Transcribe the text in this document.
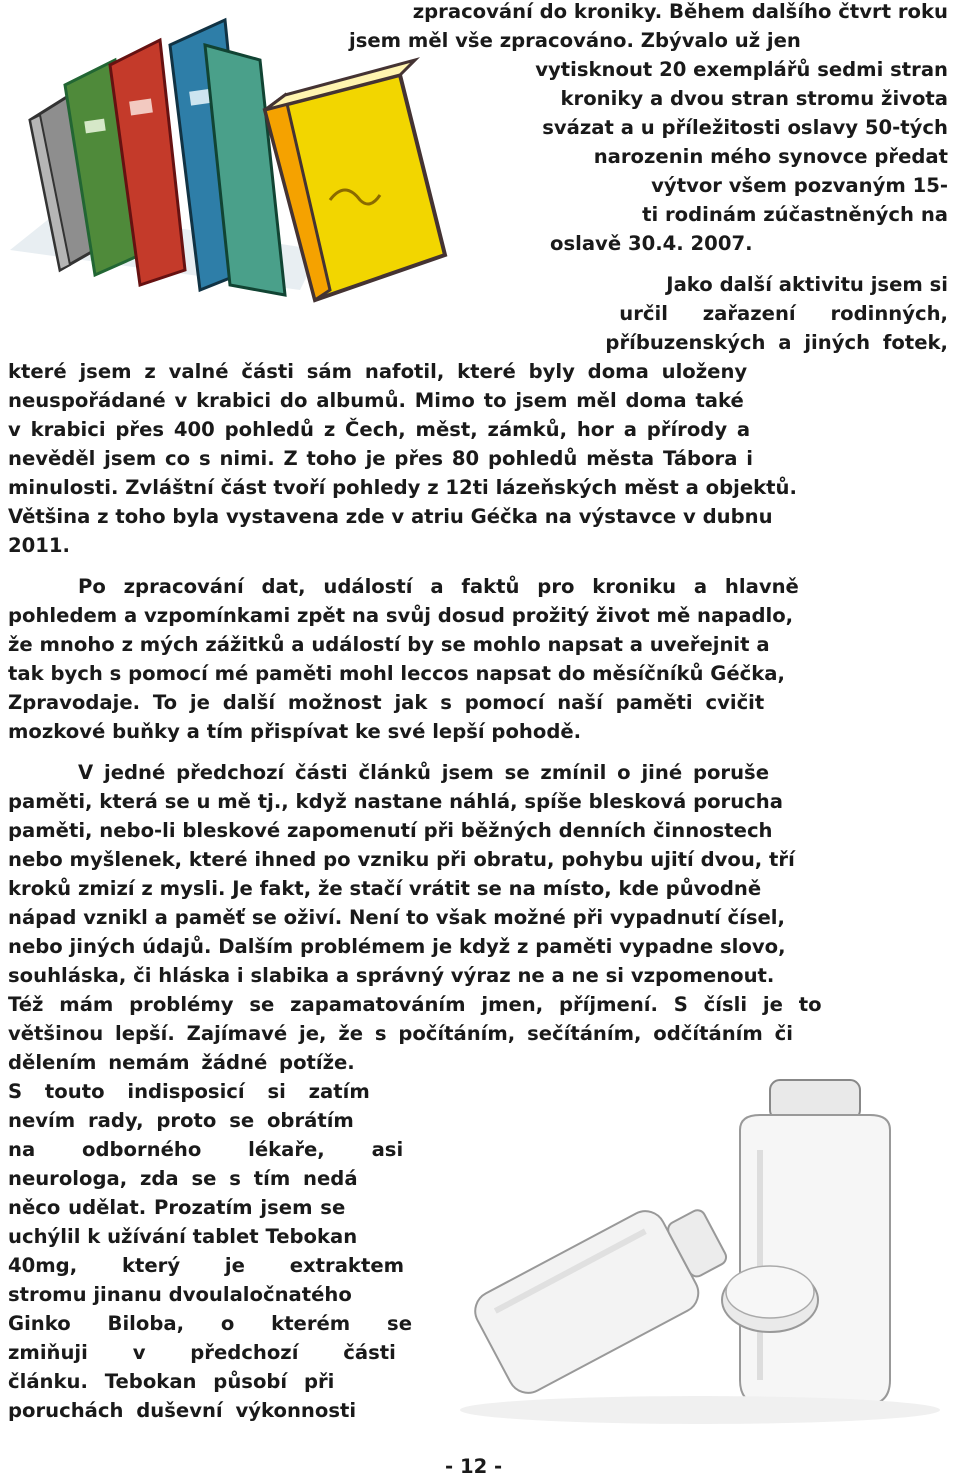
zpracování do kroniky. Během dalšího čtvrt roku
jsem měl vše zpracováno. Zbývalo už jen
vytisknout 20 exemplářů sedmi stran
kroniky a dvou stran stromu života
svázat a u příležitosti oslavy 50-tých
narozenin mého synovce předat
výtvor všem pozvaným 15-
ti rodinám zúčastněných na
oslavě 30.4. 2007.
Jako další aktivitu jsem si
určil zařazení rodinných,
příbuzenských a jiných fotek,
které jsem z valné části sám nafotil, které byly doma uloženy
neuspořádané v krabici do albumů. Mimo to jsem měl doma také
v krabici přes 400 pohledů z Čech, měst, zámků, hor a přírody a
nevěděl jsem co s nimi. Z toho je přes 80 pohledů města Tábora i
minulosti. Zvláštní část tvoří pohledy z 12ti lázeňských měst a objektů.
Většina z toho byla vystavena zde v atriu Géčka na výstavce v dubnu
2011.
Po zpracování dat, událostí a faktů pro kroniku a hlavně
pohledem a vzpomínkami zpět na svůj dosud prožitý život mě napadlo,
že mnoho z mých zážitků a událostí by se mohlo napsat a uveřejnit a
tak bych s pomocí mé paměti mohl leccos napsat do měsíčníků Géčka,
Zpravodaje. To je další možnost jak s pomocí naší paměti cvičit
mozkové buňky a tím přispívat ke své lepší pohodě.
V jedné předchozí části článků jsem se zmínil o jiné poruše
paměti, která se u mě tj., když nastane náhlá, spíše blesková porucha
paměti, nebo-li bleskové zapomenutí při běžných denních činnostech
nebo myšlenek, které ihned po vzniku při obratu, pohybu ujití dvou, tří
kroků zmizí z mysli. Je fakt, že stačí vrátit se na místo, kde původně
nápad vznikl a paměť se oživí. Není to však možné při vypadnutí čísel,
nebo jiných údajů. Dalším problémem je když z paměti vypadne slovo,
souhláska, či hláska i slabika a správný výraz ne a ne si vzpomenout.
Též mám problémy se zapamatováním jmen, příjmení. S čísli je to
většinou lepší. Zajímavé je, že s počítáním, sečítáním, odčítáním či
dělením nemám žádné potíže.
S touto indisposicí si zatím
nevím rady, proto se obrátím
na odborného lékaře, asi
neurologa, zda se s tím nedá
něco udělat. Prozatím jsem se
uchýlil k užívání tablet Tebokan
40mg, který je extraktem
stromu jinanu dvoulaločnatého
Ginko Biloba, o kterém se
zmiňuji v předchozí části
článku. Tebokan působí při
poruchách duševní výkonnosti
- 12 -
